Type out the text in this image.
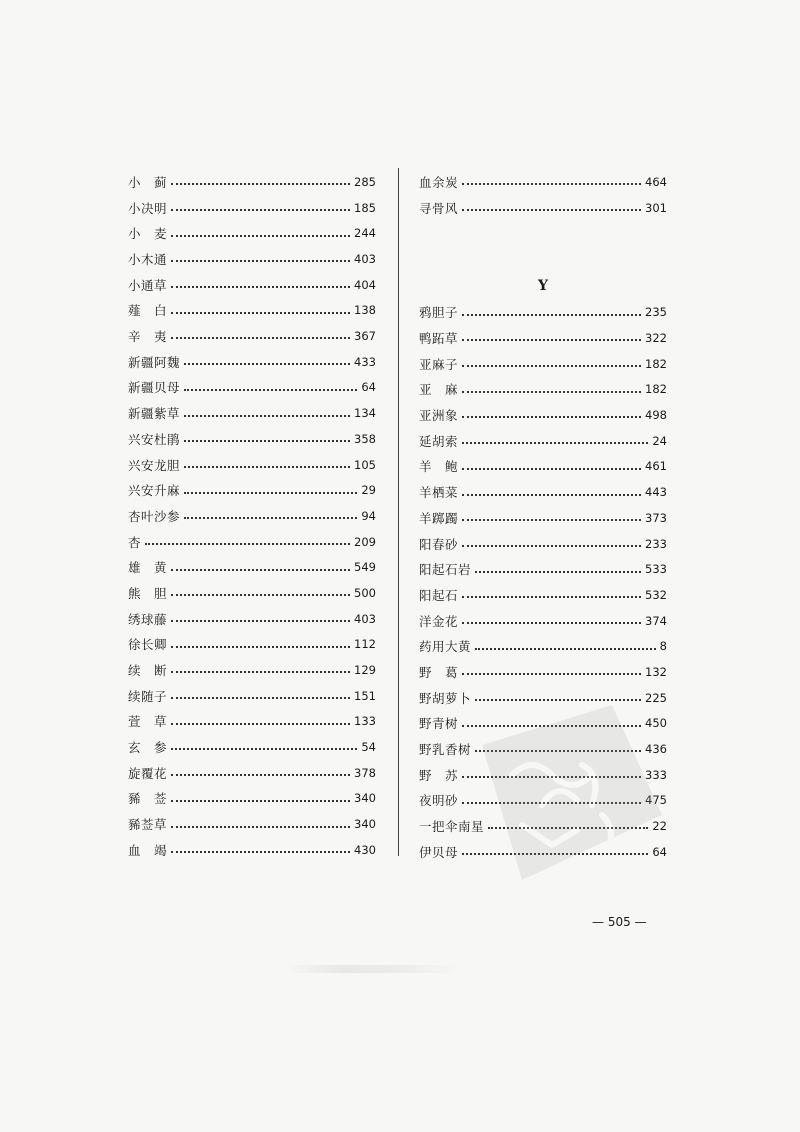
小　蓟	285
小决明	185
小　麦	244
小木通	403
小通草	404
薤　白	138
辛　夷	367
新疆阿魏	433
新疆贝母	64
新疆紫草	134
兴安杜鹃	358
兴安龙胆	105
兴安升麻	29
杏叶沙参	94
杏	209
雄　黄	549
熊　胆	500
绣球藤	403
徐长卿	112
续　断	129
续随子	151
萱　草	133
玄　参	54
旋覆花	378
豨　莶	340
豨莶草	340
血　竭	430
血余炭	464
寻骨风	301
Y
鸦胆子	235
鸭跖草	322
亚麻子	182
亚　麻	182
亚洲象	498
延胡索	24
羊　鲍	461
羊栖菜	443
羊踯躅	373
阳春砂	233
阳起石岩	533
阳起石	532
洋金花	374
药用大黄	8
野　葛	132
野胡萝卜	225
野青树	450
野乳香树	436
野　苏	333
夜明砂	475
一把伞南星	22
伊贝母	64
— 505 —
